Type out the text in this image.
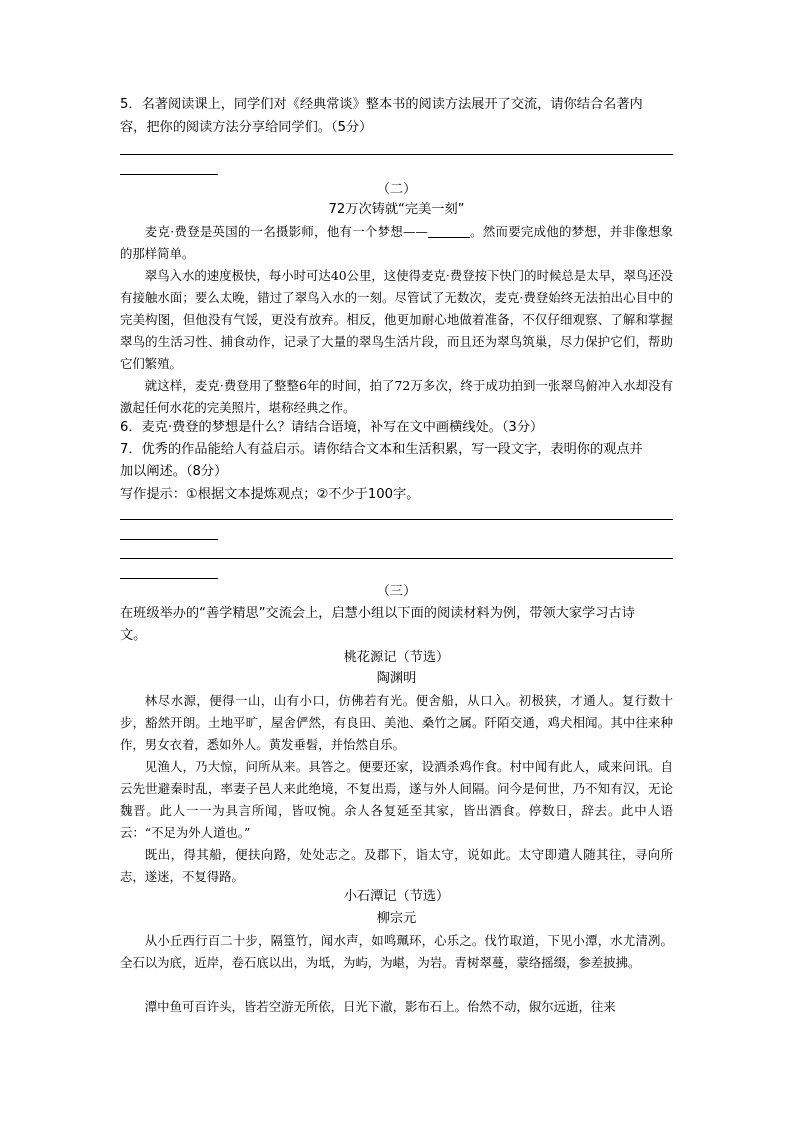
5．名著阅读课上，同学们对《经典常谈》整本书的阅读方法展开了交流，请你结合名著内

容，把你的阅读方法分享给同学们。（5分）

（二）

72万次铸就“完美一刻”

麦克·费登是英国的一名摄影师，他有一个梦想——	。然而要完成他的梦想，并非像想象的那样简单。

翠鸟入水的速度极快，每小时可达40公里，这使得麦克·费登按下快门的时候总是太早，翠鸟还没有接触水面；要么太晚，错过了翠鸟入水的一刻。尽管试了无数次，麦克·费登始终无法拍出心目中的完美构图，但他没有气馁，更没有放弃。相反，他更加耐心地做着准备，不仅仔细观察、了解和掌握翠鸟的生活习性、捕食动作，记录了大量的翠鸟生活片段，而且还为翠鸟筑巢，尽力保护它们，帮助它们繁殖。

就这样，麦克·费登用了整整6年的时间，拍了72万多次，终于成功拍到一张翠鸟俯冲入水却没有激起任何水花的完美照片，堪称经典之作。

6．麦克·费登的梦想是什么？请结合语境，补写在文中画横线处。（3分）

7．优秀的作品能给人有益启示。请你结合文本和生活积累，写一段文字，表明你的观点并

加以阐述。（8分）

写作提示：①根据文本提炼观点；②不少于100字。

（三）

在班级举办的“善学精思”交流会上，启慧小组以下面的阅读材料为例，带领大家学习古诗

文。

桃花源记（节选）

陶渊明

林尽水源，便得一山，山有小口，仿佛若有光。便舍船，从口入。初极狭，才通人。复行数十步，豁然开朗。土地平旷，屋舍俨然，有良田、美池、桑竹之属。阡陌交通，鸡犬相闻。其中往来种作，男女衣着，悉如外人。黄发垂髫，并怡然自乐。

见渔人，乃大惊，问所从来。具答之。便要还家，设酒杀鸡作食。村中闻有此人，咸来问讯。自云先世避秦时乱，率妻子邑人来此绝境，不复出焉，遂与外人间隔。问今是何世，乃不知有汉，无论魏晋。此人一一为具言所闻，皆叹惋。余人各复延至其家，皆出酒食。停数日，辞去。此中人语云：“不足为外人道也。”

既出，得其船，便扶向路，处处志之。及郡下，诣太守，说如此。太守即遣人随其往，寻向所志，遂迷，不复得路。

小石潭记（节选）

柳宗元

从小丘西行百二十步，隔篁竹，闻水声，如鸣珮环，心乐之。伐竹取道，下见小潭，水尤清冽。全石以为底，近岸，卷石底以出，为坻，为屿，为嵁，为岩。青树翠蔓，蒙络摇缀，参差披拂。

潭中鱼可百许头，皆若空游无所依，日光下澈，影布石上。佁然不动，俶尔远逝，往来
